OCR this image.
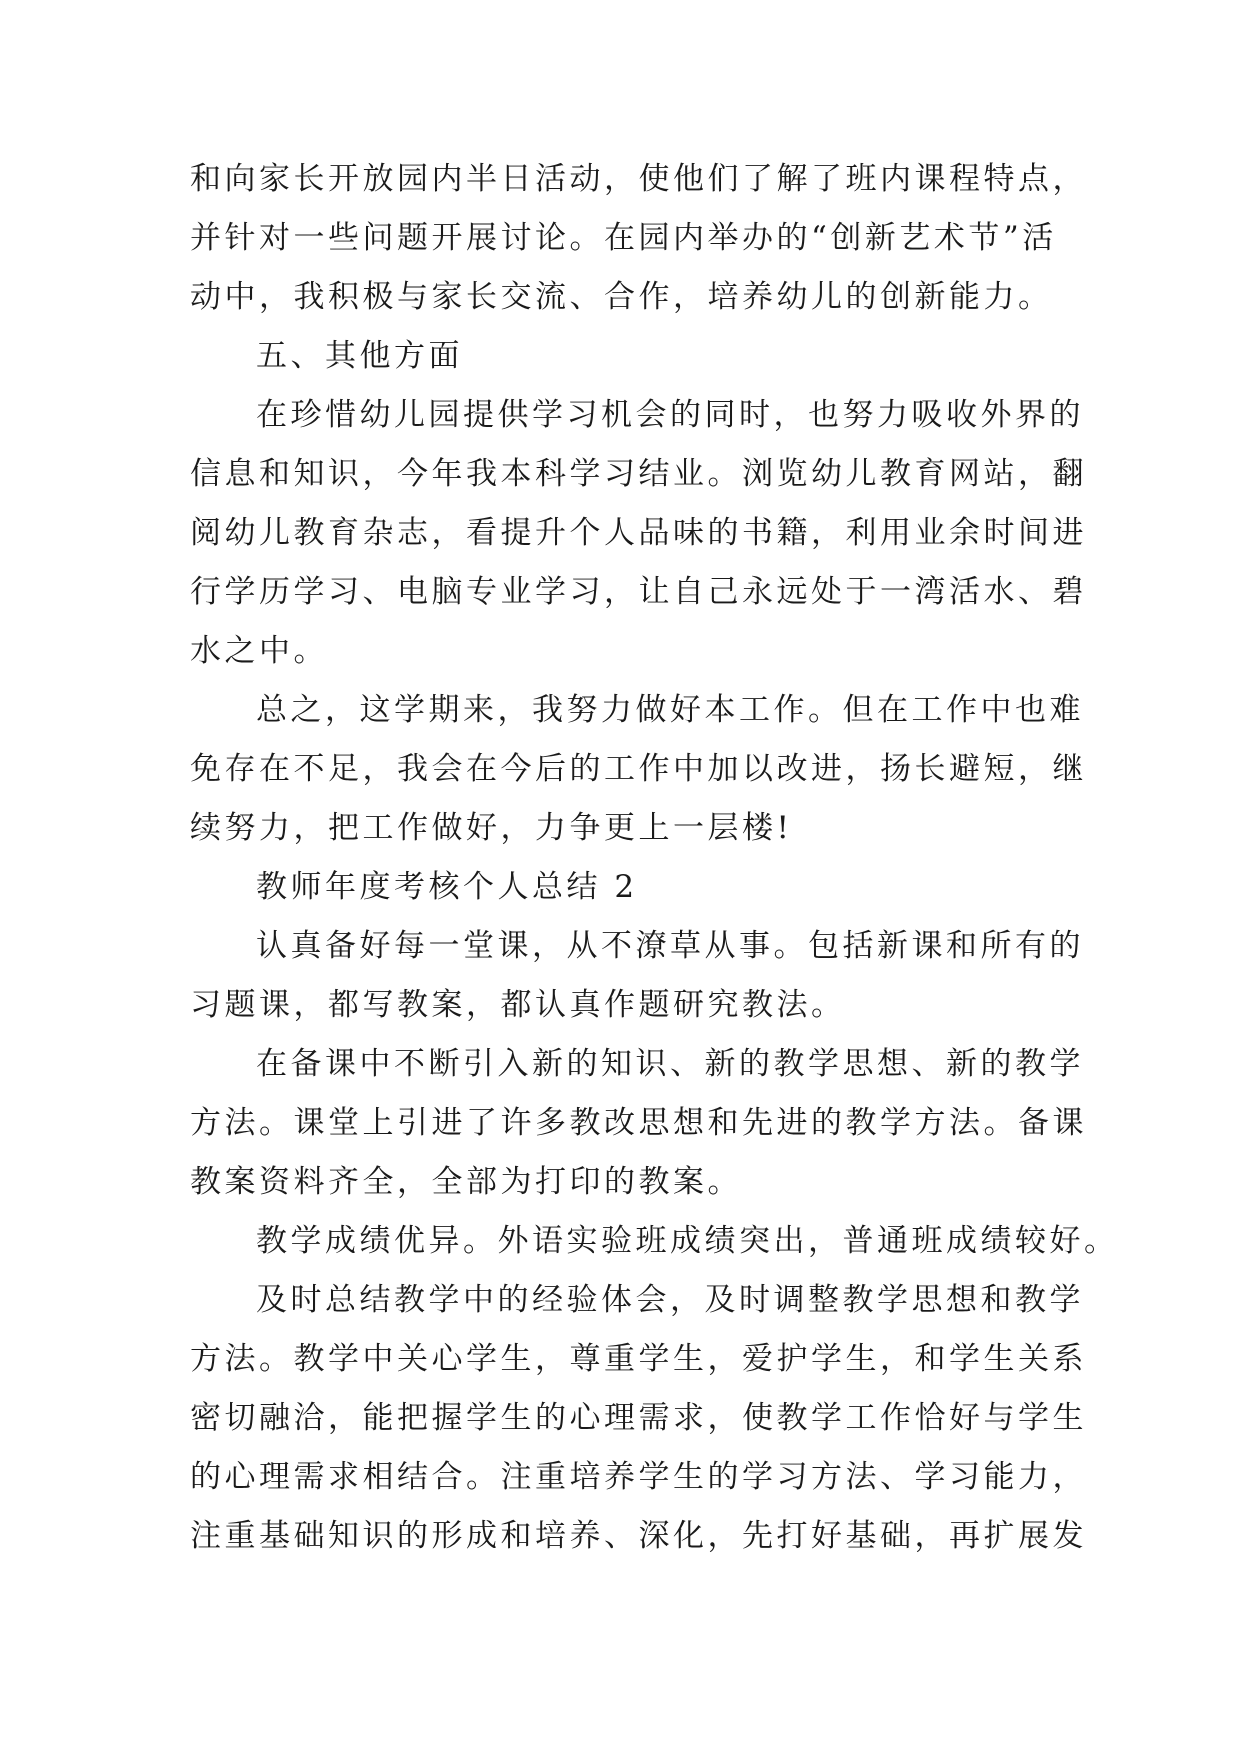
和向家长开放园内半日活动，使他们了解了班内课程特点，
并针对一些问题开展讨论。在园内举办的“创新艺术节”活
动中，我积极与家长交流、合作，培养幼儿的创新能力。
五、其他方面
在珍惜幼儿园提供学习机会的同时，也努力吸收外界的
信息和知识，今年我本科学习结业。浏览幼儿教育网站，翻
阅幼儿教育杂志，看提升个人品味的书籍，利用业余时间进
行学历学习、电脑专业学习，让自己永远处于一湾活水、碧
水之中。
总之，这学期来，我努力做好本工作。但在工作中也难
免存在不足，我会在今后的工作中加以改进，扬长避短，继
续努力，把工作做好，力争更上一层楼!
教师年度考核个人总结 2
认真备好每一堂课，从不潦草从事。包括新课和所有的
习题课，都写教案，都认真作题研究教法。
在备课中不断引入新的知识、新的教学思想、新的教学
方法。课堂上引进了许多教改思想和先进的教学方法。备课
教案资料齐全，全部为打印的教案。
教学成绩优异。外语实验班成绩突出，普通班成绩较好。
及时总结教学中的经验体会，及时调整教学思想和教学
方法。教学中关心学生，尊重学生，爱护学生，和学生关系
密切融洽，能把握学生的心理需求，使教学工作恰好与学生
的心理需求相结合。注重培养学生的学习方法、学习能力，
注重基础知识的形成和培养、深化，先打好基础，再扩展发
